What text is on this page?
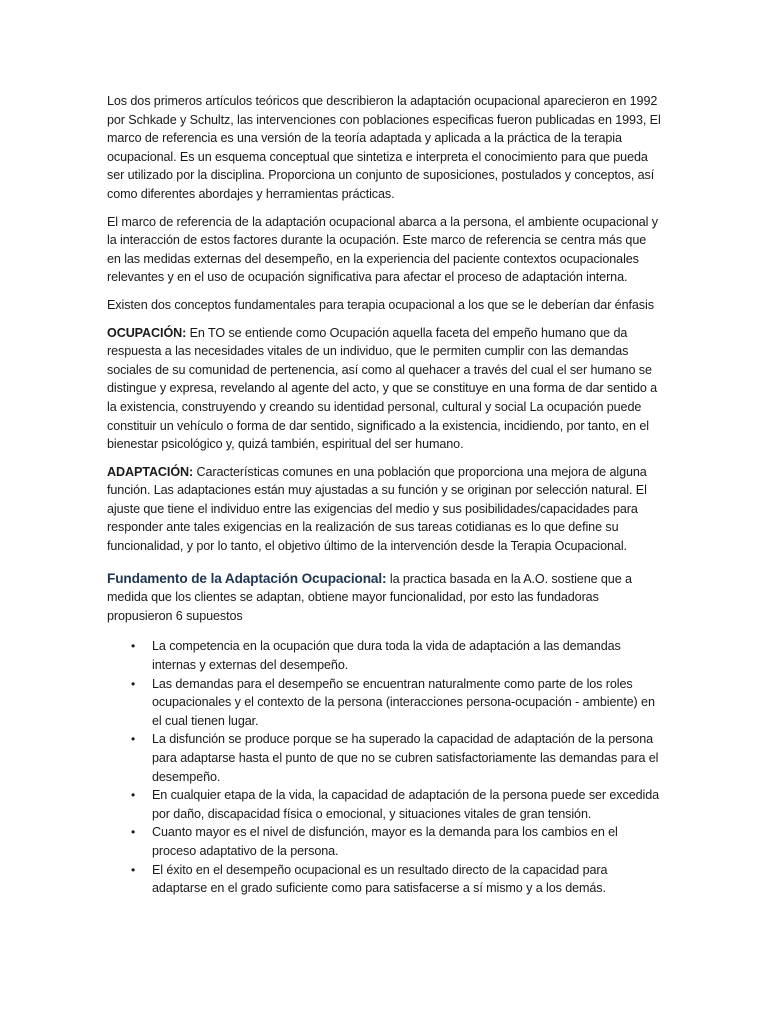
Los dos primeros artículos teóricos que describieron la adaptación ocupacional aparecieron en 1992 por Schkade y Schultz, las intervenciones con poblaciones especificas fueron publicadas en 1993, El marco de referencia es una versión de la teoría adaptada y aplicada a la práctica de la terapia ocupacional. Es un esquema conceptual que sintetiza e interpreta el conocimiento para que pueda ser utilizado por la disciplina. Proporciona un conjunto de suposiciones, postulados y conceptos, así como diferentes abordajes y herramientas prácticas.

El marco de referencia de la adaptación ocupacional abarca a la persona, el ambiente ocupacional y la interacción de estos factores durante la ocupación. Este marco de referencia se centra más que en las medidas externas del desempeño, en la experiencia del paciente contextos ocupacionales relevantes y en el uso de ocupación significativa para afectar el proceso de adaptación interna.

Existen dos conceptos fundamentales para terapia ocupacional a los que se le deberían dar énfasis

OCUPACIÓN: En TO se entiende como Ocupación aquella faceta del empeño humano que da respuesta a las necesidades vitales de un individuo, que le permiten cumplir con las demandas sociales de su comunidad de pertenencia, así como al quehacer a través del cual el ser humano se distingue y expresa, revelando al agente del acto, y que se constituye en una forma de dar sentido a la existencia, construyendo y creando su identidad personal, cultural y social La ocupación puede constituir un vehículo o forma de dar sentido, significado a la existencia, incidiendo, por tanto, en el bienestar psicológico y, quizá también, espiritual del ser humano.

ADAPTACIÓN: Características comunes en una población que proporciona una mejora de alguna función. Las adaptaciones están muy ajustadas a su función y se originan por selección natural. El ajuste que tiene el individuo entre las exigencias del medio y sus posibilidades/capacidades para responder ante tales exigencias en la realización de sus tareas cotidianas es lo que define su funcionalidad, y por lo tanto, el objetivo último de la intervención desde la Terapia Ocupacional.

Fundamento de la Adaptación Ocupacional: la practica basada en la A.O. sostiene que a medida que los clientes se adaptan, obtiene mayor funcionalidad, por esto las fundadoras propusieron 6 supuestos

• La competencia en la ocupación que dura toda la vida de adaptación a las demandas internas y externas del desempeño.
• Las demandas para el desempeño se encuentran naturalmente como parte de los roles ocupacionales y el contexto de la persona (interacciones persona-ocupación - ambiente) en el cual tienen lugar.
• La disfunción se produce porque se ha superado la capacidad de adaptación de la persona para adaptarse hasta el punto de que no se cubren satisfactoriamente las demandas para el desempeño.
• En cualquier etapa de la vida, la capacidad de adaptación de la persona puede ser excedida por daño, discapacidad física o emocional, y situaciones vitales de gran tensión.
• Cuanto mayor es el nivel de disfunción, mayor es la demanda para los cambios en el proceso adaptativo de la persona.
• El éxito en el desempeño ocupacional es un resultado directo de la capacidad para adaptarse en el grado suficiente como para satisfacerse a sí mismo y a los demás.
